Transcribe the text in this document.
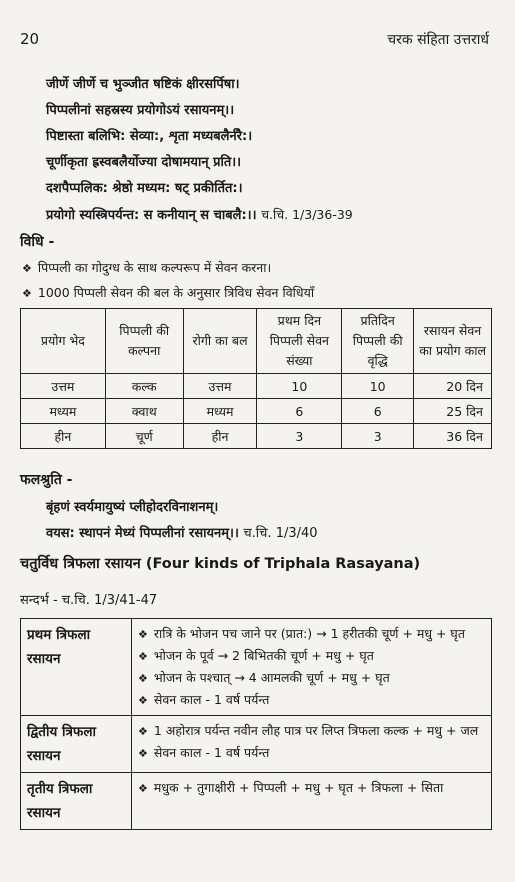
20	चरक संहिता उत्तरार्ध
जीर्णे जीर्णे च भुञ्जीत षष्टिकं क्षीरसर्पिषा।
पिप्पलीनां सहस्रस्य प्रयोगोऽयं रसायनम्।।
पिष्टास्ता बलिभि: सेव्या:, शृता मध्यबलैर्नरै:।
चूर्णीकृता ह्रस्वबलैर्योज्या दोषामयान् प्रति।।
दशपैप्पलिक: श्रेष्ठो मध्यम: षट् प्रकीर्तित:।
प्रयोगो स्यस्त्रिपर्यन्त: स कनीयान् स चाबलै:।। च.चि. 1/3/36-39
विधि -
❖ पिप्पली का गोदुग्ध के साथ कल्परूप में सेवन करना।
❖ 1000 पिप्पली सेवन की बल के अनुसार त्रिविध सेवन विधियाँ
प्रयोग भेद	पिप्पली की कल्पना	रोगी का बल	प्रथम दिन पिप्पली सेवन संख्या	प्रतिदिन पिप्पली की वृद्धि	रसायन सेवन का प्रयोग काल
उत्तम	कल्क	उत्तम	10	10	20 दिन
मध्यम	क्वाथ	मध्यम	6	6	25 दिन
हीन	चूर्ण	हीन	3	3	36 दिन
फलश्रुति -
बृंहणं स्वर्यमायुष्यं प्लीहोदरविनाशनम्।
वयस: स्थापनं मेध्यं पिप्पलीनां रसायनम्।। च.चि. 1/3/40
चतुर्विध त्रिफला रसायन (Four kinds of Triphala Rasayana)
सन्दर्भ - च.चि. 1/3/41-47
प्रथम त्रिफला रसायन	❖ रात्रि के भोजन पच जाने पर (प्रात:) → 1 हरीतकी चूर्ण + मधु + घृत
❖ भोजन के पूर्व → 2 बिभितकी चूर्ण + मधु + घृत
❖ भोजन के पश्चात् → 4 आमलकी चूर्ण + मधु + घृत
❖ सेवन काल - 1 वर्ष पर्यन्त

द्वितीय त्रिफला रसायन	❖ 1 अहोरात्र पर्यन्त नवीन लौह पात्र पर लिप्त त्रिफला कल्क + मधु + जल
❖ सेवन काल - 1 वर्ष पर्यन्त

तृतीय त्रिफला रसायन	❖ मधुक + तुगाक्षीरी + पिप्पली + मधु + घृत + त्रिफला + सिता
